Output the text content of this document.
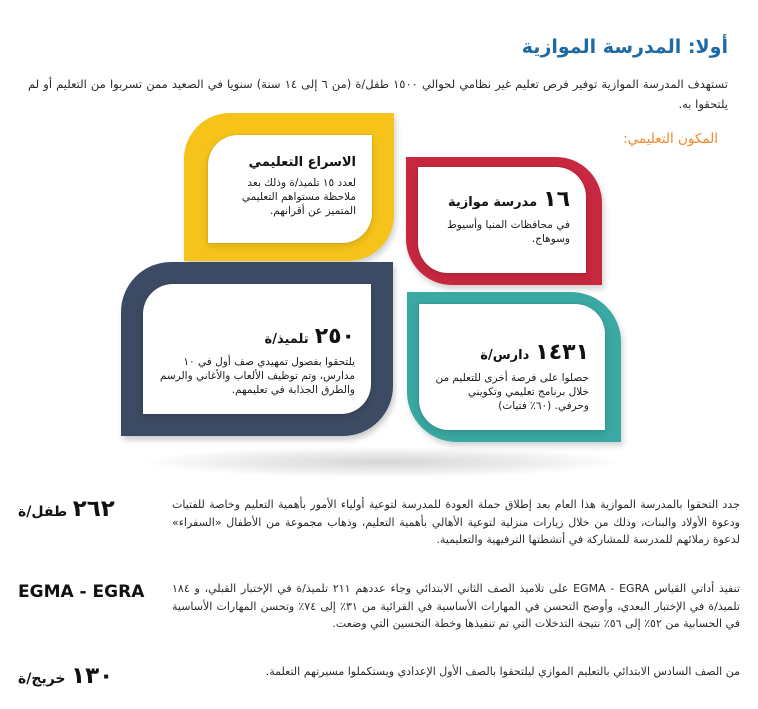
أولا: المدرسة الموازية
تستهدف المدرسة الموازية توفير فرص تعليم غير نظامي لحوالي ١٥٠٠ طفل/ة (من ٦ إلى ١٤ سنة) سنويا في الصعيد ممن تسربوا من التعليم أو لم يلتحقوا به.
المكون التعليمي:
الاسراع التعليمي
لعدد ١٥ تلميذ/ة وذلك بعد ملاحظة مستواهم التعليمي المتميز عن أقرانهم.	١٦مدرسة موازية
في محافظات المنيا وأسيوط وسوهاج.
٢٥٠تلميذ/ة
يلتحقوا بفصول تمهيدي صف أول في ١٠ مدارس، وتم توظيف الألعاب والأغاني والرسم والطرق الجذابة في تعليمهم.
١٤٣١دارس/ة
حصلوا على فرصة أخرى للتعليم من خلال برنامج تعليمي وتكويني وحرفي. (٦٠٪ فتيات)
جدد التحقوا بالمدرسة الموازية هذا العام بعد إطلاق حملة العودة للمدرسة لتوعية أولياء الأمور بأهمية التعليم وخاصة للفتيات ودعوة الأولاد والبنات، وذلك من خلال زيارات منزلية لتوعية الأهالي بأهمية التعليم، وذهاب مجموعة من الأطفال «السفراء» لدعوة زملائهم للمدرسة للمشاركة في أنشطتها الترفيهية والتعليمية.
٢٦٢ طفل/ة
تنفيذ أداتي القياس EGMA - EGRA على تلاميذ الصف الثاني الابتدائي وجاء عددهم ٢١١ تلميذ/ة في الإختبار القبلي، و ١٨٤ تلميذ/ة في الإختبار البعدي، وأوضح التحسن في المهارات الأساسية في القرائية من ٣١٪ إلى ٧٤٪ وتحسن المهارات الأساسية في الحسابية من ٥٢٪ إلى ٥٦٪ نتيجة التدخلات التي تم تنفيذها وخطة التحسين التي وضعت.
EGMA - EGRA
من الصف السادس الابتدائي بالتعليم الموازي ليلتحقوا بالصف الأول الإعدادي ويستكملوا مسيرتهم التعلمة.
١٣٠ خريج/ة
